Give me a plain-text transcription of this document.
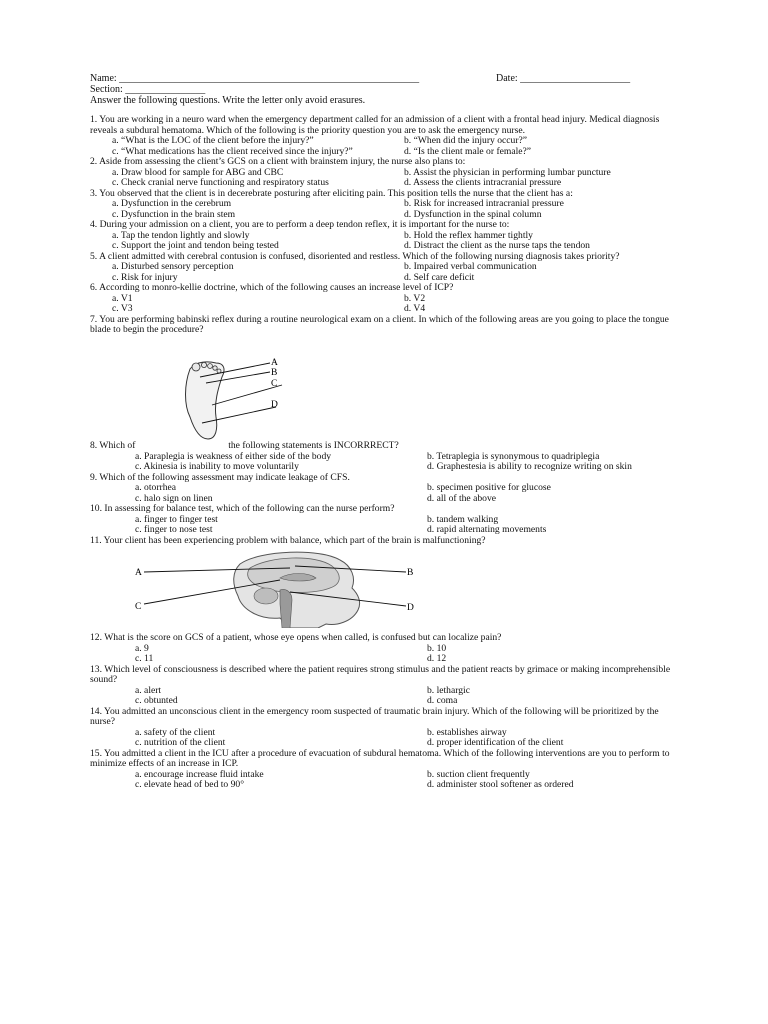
Name: ____________________________________________________________	Date: ______________________
Section: ________________
Answer the following questions. Write the letter only avoid erasures.
1. You are working in a neuro ward when the emergency department called for an admission of a client with a frontal head injury. Medical diagnosis reveals a subdural hematoma. Which of the following is the priority question you are to ask the emergency nurse.
a. “What is the LOC of the client before the injury?”	b. “When did the injury occur?”
c. “What medications has the client received since the injury?”	d. “Is the client male or female?”
2. Aside from assessing the client’s GCS on a client with brainstem injury, the nurse also plans to:
a. Draw blood for sample for ABG and CBC	b. Assist the physician in performing lumbar puncture
c. Check cranial nerve functioning and respiratory status	d. Assess the clients intracranial pressure
3. You observed that the client is in decerebrate posturing after eliciting pain. This position tells the nurse that the client has a:
a. Dysfunction in the cerebrum	b. Risk for increased intracranial pressure
c. Dysfunction in the brain stem	d. Dysfunction in the spinal column
4. During your admission on a client, you are to perform a deep tendon reflex, it is important for the nurse to:
a. Tap the tendon lightly and slowly	b. Hold the reflex hammer tightly
c. Support the joint and tendon being tested	d. Distract the client as the nurse taps the tendon
5. A client admitted with cerebral contusion is confused, disoriented and restless. Which of the following nursing diagnosis takes priority?
a. Disturbed sensory perception	b. Impaired verbal communication
c. Risk for injury	d. Self care deficit
6. According to monro-kellie doctrine, which of the following causes an increase level of ICP?
a. V1	b. V2
c. V3	d. V4
7. You are performing babinski reflex during a routine neurological exam on a client. In which of the following areas are you going to place the tongue blade to begin the procedure?
A
B
C
D
8. Which of	the following statements is INCORRRECT?
a. Paraplegia is weakness of either side of the body	b. Tetraplegia is synonymous to quadriplegia
c. Akinesia is inability to move voluntarily	d. Graphestesia is ability to recognize writing on skin
9. Which of the following assessment may indicate leakage of CFS.
a. otorrhea	b. specimen positive for glucose
c. halo sign on linen	d. all of the above
10. In assessing for balance test, which of the following can the nurse perform?
a. finger to finger test	b. tandem walking
c. finger to nose test	d. rapid alternating movements
11. Your client has been experiencing problem with balance, which part of the brain is malfunctioning?
A	B
C	D
12. What is the score on GCS of a patient, whose eye opens when called, is confused but can localize pain?
a. 9	b. 10
c. 11	d. 12
13. Which level of consciousness is described where the patient requires strong stimulus and the patient reacts by grimace or making incomprehensible sound?
a. alert	b. lethargic
c. obtunted	d. coma
14. You admitted an unconscious client in the emergency room suspected of traumatic brain injury. Which of the following will be prioritized by the nurse?
a. safety of the client	b. establishes airway
c. nutrition of the client	d. proper identification of the client
15. You admitted a client in the ICU after a procedure of evacuation of subdural hematoma. Which of the following interventions are you to perform to minimize effects of an increase in ICP.
a. encourage increase fluid intake	b. suction client frequently
c. elevate head of bed to 90°	d. administer stool softener as ordered
